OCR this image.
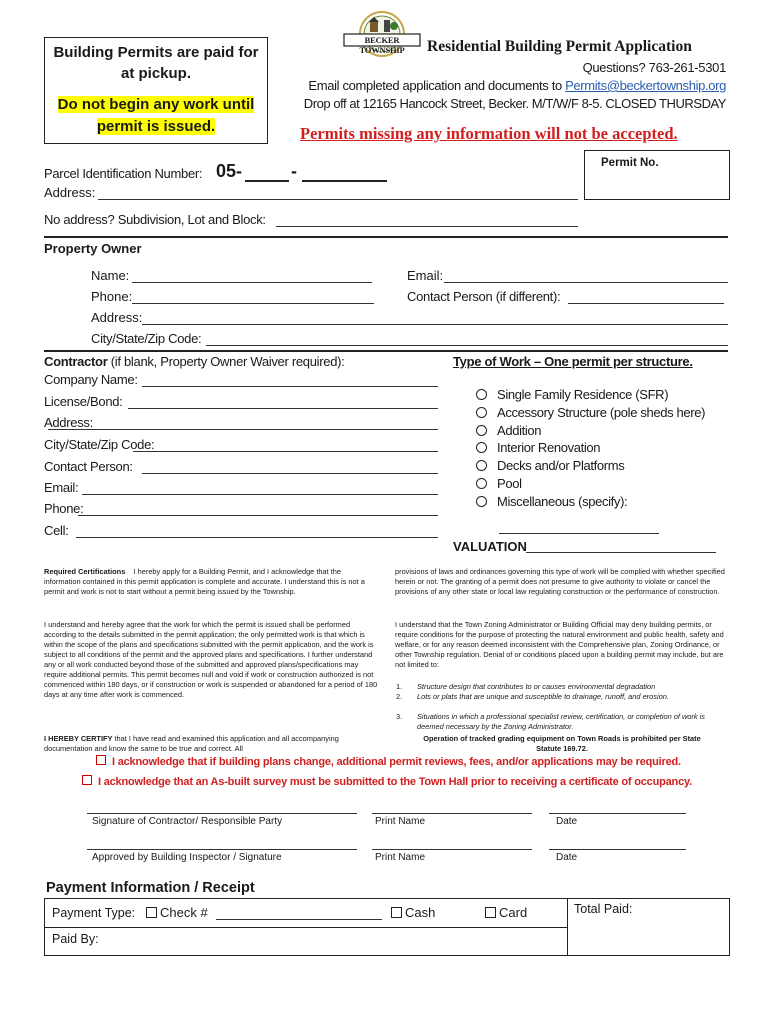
Building Permits are paid for
at pickup.
Do not begin any work until
permit is issued.
BECKER TOWNSHIP	Residential Building Permit Application
Questions? 763-261-5301
Email completed application and documents to Permits@beckertownship.org
Drop off at 12165 Hancock Street, Becker. M/T/W/F 8-5. CLOSED THURSDAY
Permits missing any information will not be accepted.
Permit No.
Parcel Identification Number: 05-	-
Address:
No address? Subdivision, Lot and Block:
Property Owner
Name:	Email:
Phone:	Contact Person (if different):
Address:
City/State/Zip Code:
Contractor (if blank, Property Owner Waiver required):
Company Name:
License/Bond:
Address:
City/State/Zip Code:
Contact Person:
Email:
Phone:
Cell:
Type of Work – One permit per structure.
Single Family Residence (SFR)
Accessory Structure (pole sheds here)
Addition
Interior Renovation
Decks and/or Platforms
Pool
Miscellaneous (specify):
VALUATION
Required Certifications I hereby apply for a Building Permit, and I acknowledge that the information contained in this permit application is complete and accurate. I understand this is not a permit and work is not to start without a permit being issued by the Township.
I understand and hereby agree that the work for which the permit is issued shall be performed according to the details submitted in the permit application; the only permitted work is that which is within the scope of the plans and specifications submitted with the permit application, and the work is subject to all conditions of the permit and the approved plans and specifications. I further understand any or all work conducted beyond those of the submitted and approved plans/specifications may require additional permits. This permit becomes null and void if work or construction authorized is not commenced within 180 days, or if construction or work is suspended or abandoned for a period of 180 days at any time after work is commenced.
I HEREBY CERTIFY that I have read and examined this application and all accompanying documentation and know the same to be true and correct. All
provisions of laws and ordinances governing this type of work will be complied with whether specified herein or not. The granting of a permit does not presume to give authority to violate or cancel the provisions of any other state or local law regulating construction or the performance of construction.
I understand that the Town Zoning Administrator or Building Official may deny building permits, or require conditions for the purpose of protecting the natural environment and public health, safety and welfare, or for any reason deemed inconsistent with the Comprehensive plan, Zoning Ordinance, or other Township regulation. Denial of or conditions placed upon a building permit may include, but are not limited to:
1. Structure design that contributes to or causes environmental degradation
2. Lots or plats that are unique and susceptible to drainage, runoff, and erosion.
3. Situations in which a professional specialist review, certification, or completion of work is deemed necessary by the Zoning Administrator.
Operation of tracked grading equipment on Town Roads is prohibited per State
Statute 169.72.
I acknowledge that if building plans change, additional permit reviews, fees, and/or applications may be required.
I acknowledge that an As-built survey must be submitted to the Town Hall prior to receiving a certificate of occupancy.
Signature of Contractor/ Responsible Party	Print Name	Date
Approved by Building Inspector / Signature	Print Name	Date
Payment Information / Receipt
Payment Type:	Check #	Cash	Card
Paid By:
Total Paid:
